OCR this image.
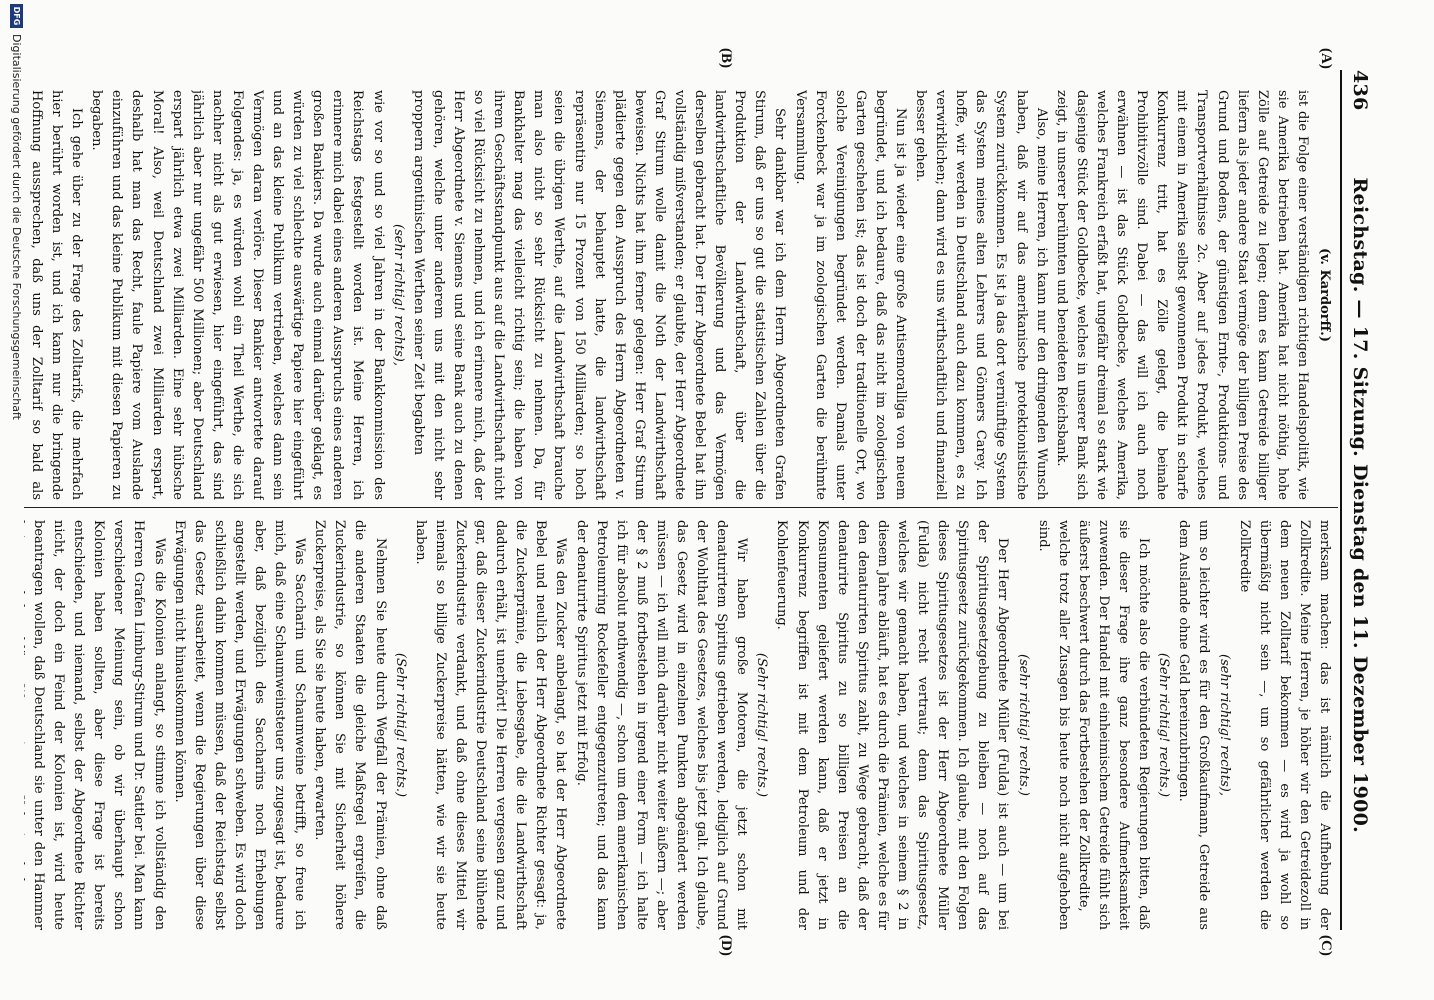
436
Reichstag. — 17. Sitzung. Dienstag den 11. Dezember 1900.
(A)
(B)
(C)
(D)

(v. Kardorff.)

ist die Folge einer verständigen richtigen Handelspolitik, wie sie Amerika betrieben hat. Amerika hat nicht nöthig, hohe Zölle auf Getreide zu legen; denn es kann Getreide billiger liefern als jeder andere Staat vermöge der billigen Preise des Grund und Bodens, der günstigen Ernte-, Produktions- und Transportverhältnisse 2c. Aber auf jedes Produkt, welches mit einem in Amerika selbst gewonnenen Produkt in scharfe Konkurrenz tritt, hat es Zölle gelegt, die beinahe Prohibitivzölle sind. Dabei — das will ich auch noch erwähnen — ist das Stück Goldbecke, welches Amerika, welches Frankreich erfaßt hat, ungefähr dreimal so stark wie dasjenige Stück der Goldbecke, welches in unserer Bank sich zeigt, in unserer berühmten und beneideten Reichsbank.

Also, meine Herren, ich kann nur den dringenden Wunsch haben, daß wir auf das amerikanische protektionistische System zurückkommen. Es ist ja das dort vernünftige System das System meines alten Lehrers und Gönners Carey. Ich hoffe, wir werden in Deutschland auch dazu kommen, es zu verwirklichen; dann wird es uns wirthschaftlich und finanziell besser gehen.

Nun ist ja wieder eine große Antisemoralliga von neuem begründet, und ich bedaure, daß das nicht im zoologischen Garten geschehen ist; das ist doch der traditionelle Ort, wo solche Vereinigungen begründet werden. Damals unter Forckenbeck war ja im zoologischen Garten die berühmte Versammlung.

Sehr dankbar war ich dem Herrn Abgeordneten Grafen Stirum, daß er uns so gut die statistischen Zahlen über die Produktion der Landwirthschaft, über die landwirthschaftliche Bevölkerung und das Vermögen derselben gebracht hat. Der Herr Abgeordnete Bebel hat ihn vollständig mißverstanden; er glaubte, der Herr Abgeordnete Graf Stirum wolle damit die Noth der Landwirthschaft beweisen. Nichts hat ihm ferner gelegen: Herr Graf Stirum plädierte gegen den Ausspruch des Herrn Abgeordneten v. Siemens, der behauptet hatte, die landwirthschaft repräsentire nur 15 Prozent von 150 Milliarden; so hoch seien die übrigen Werthe, auf die Landwirthschaft brauche man also nicht so sehr Rücksicht zu nehmen. Da, für Bankhalter mag das vielleicht richtig sein; die haben von ihrem Geschäftsstandpunkt aus auf die Landwirthschaft nicht so viel Rücksicht zu nehmen, und ich erinnere mich, daß der Herr Abgeordnete v. Siemens und seine Bank auch zu denen gehören, welche unter anderem uns mit den nicht sehr proppern argentinischen Werthen seiner Zeit begabten

(sehr richtig! rechts),

wie vor so und so viel Jahren in der Bankkommission des Reichstags festgestellt worden ist. Meine Herren, ich erinnere mich dabei eines anderen Ausspruchs eines anderen großen Bankiers. Da wurde auch einmal darüber geklagt, es würden zu viel schlechte auswärtige Papiere hier eingeführt und an das kleine Publikum vertrieben, welches dann sein Vermögen daran verlöre. Dieser Bankier antwortete darauf Folgendes: ja, es würden wohl ein Theil Werthe, die sich nachher nicht als gut erwiesen, hier eingeführt, das sind jährlich aber nur ungefähr 500 Millionen; aber Deutschland erspart jährlich etwa zwei Milliarden. Eine sehr hübsche Moral! Also, weil Deutschland zwei Milliarden erspart, deshalb hat man das Recht, faule Papiere vom Auslande einzuführen und das kleine Publikum mit diesen Papieren zu begaben.

Ich gehe über zu der Frage des Zolltarifs, die mehrfach hier berührt worden ist, und ich kann nur die bringende Hoffnung aussprechen, daß uns der Zolltarif so bald als

merksam machen: das ist nämlich die Aufhebung der Zollkredite. Meine Herren, je höher wir den Getreidezoll in dem neuen Zolltarif bekommen — es wird ja wohl so übermäßig nicht sein —, um so gefährlicher werden die Zollkredite

(sehr richtig! rechts),

um so leichter wird es für den Großkaufmann, Getreide aus dem Auslande ohne Geld hereinzubringen.

(Sehr richtig! rechts.)

Ich möchte also die verbündeten Regierungen bitten, daß sie dieser Frage ihre ganz besondere Aufmerksamkeit zuwenden. Der Handel mit einheimischem Getreide fühlt sich äußerst beschwert durch das Fortbestehen der Zollkredite,

welche trotz aller Zusagen bis heute noch nicht aufgehoben sind.

(sehr richtig! rechts.)

Der Herr Abgeordnete Müller (Fulda) ist auch — um bei der Spiritusgesetzgebung zu bleiben — noch auf das Spiritusgesetz zurückgekommen. Ich glaube, mit den Folgen dieses Spiritusgesetzes ist der Herr Abgeordnete Müller (Fulda) nicht recht vertraut; denn das Spiritusgesetz, welches wir gemacht haben, und welches in seinem § 2 in diesem Jahre abläuft, hat es durch die Prämien, welche es für den denaturirten Spiritus zahlt, zu Wege gebracht, daß der denaturirte Spiritus zu so billigen Preisen an die Konsumenten geliefert werden kann, daß er jetzt in Konkurrenz begriffen ist mit dem Petroleum und der Kohlenfeuerung.

(Sehr richtig! rechts.)

Wir haben große Motoren, die jetzt schon mit denaturirtem Spiritus getrieben werden, lediglich auf Grund der Wohlthat des Gesetzes, welches bis jetzt galt. Ich glaube, das Gesetz wird in einzelnen Punkten abgeändert werden müssen — ich will mich darüber nicht weiter äußern —; aber der § 2 muß fortbestehen in irgend einer Form — ich halte ich für absolut nothwendig —, schon um dem amerikanischen Petroleumring Rockefeller entgegenzutreten; und das kann der denaturirte Spiritus jetzt mit Erfolg.

Was den Zucker anbelangt, so hat der Herr Abgeordnete Bebel und neulich der Herr Abgeordnete Richter gesagt: ja, die Zuckerprämie, die Liebesgabe, die die Landwirthschaft dadurch erhält, ist unerhört! Die Herren vergessen ganz und gar, daß dieser Zuckerindustrie Deutschland seine blühende Zuckerindustrie verdankt, und daß ohne dieses Mittel wir niemals so billige Zuckerpreise hätten, wie wir sie heute haben.

(Sehr richtig! rechts.)

Nehmen Sie heute durch Wegfall der Prämien, ohne daß die anderen Staaten die gleiche Maßregel ergreifen, die Zuckerindustrie, so können Sie mit Sicherheit höhere Zuckerpreise, als Sie sie heute haben, erwarten.

Was Saccharin und Schaumweine betrifft, so freue ich mich, daß eine Schaumweinsteuer uns zugesagt ist, bedaure aber, daß bezüglich des Saccharins noch Erhebungen angestellt werden, und Erwägungen schweben. Es wird doch schließlich dahin kommen müssen, daß der Reichstag selbst das Gesetz ausarbeitet, wenn die Regierungen über diese Erwägungen nicht hinauskommen können.

Was die Kolonien anlangt, so stimme ich vollständig den Herren Grafen Limburg-Stirum und Dr. Sattler bei. Man kann verschiedener Meinung sein, ob wir überhaupt schon Kolonien haben sollten, aber diese Frage ist bereits entschieden, und niemand, selbst der Abgeordnete Richter nicht, der doch ein Feind der Kolonien ist, wird heute beantragen wollen, daß Deutschland sie unter den Hammer

DFG
Digitalisierung gefördert durch die Deutsche Forschungsgemeinschaft
